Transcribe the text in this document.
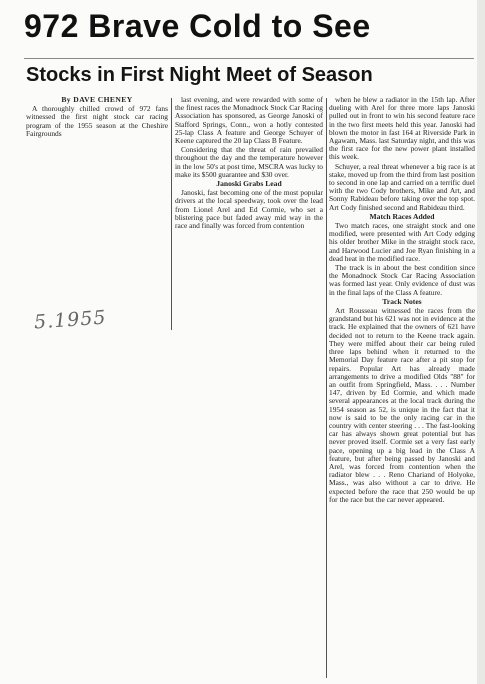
972 Brave Cold to See
Stocks in First Night Meet of Season

By DAVE CHENEY

A thoroughly chilled crowd of 972 fans witnessed the first night stock car racing program of the 1955 season at the Cheshire Fairgrounds

last evening, and were rewarded with some of the finest races the Monadnock Stock Car Racing Association has sponsored, as George Janoski of Stafford Springs, Conn., won a hotly contested 25-lap Class A feature and George Schuyer of Keene captured the 20 lap Class B Feature.

Considering that the threat of rain prevailed throughout the day and the temperature however in the low 50's at post time, MSCRA was lucky to make its $500 guarantee and $30 over.

Janoski Grabs Lead

Janoski, fast becoming one of the most popular drivers at the local speedway, took over the lead from Lionel Arel and Ed Cormie, who set a blistering pace but faded away mid way in the race and finally was forced from contention

when he blew a radiator in the 15th lap. After dueling with Arel for three more laps Janoski pulled out in front to win his second feature race in the two first meets held this year. Janoski had blown the motor in fast 164 at Riverside Park in Agawam, Mass. last Saturday night, and this was the first race for the new power plant installed this week.

Schuyer, a real threat whenever a big race is at stake, moved up from the third from last position to second in one lap and carried on a terrific duel with the two Cody brothers, Mike and Art, and Sonny Rabideau before taking over the top spot. Art Cody finished second and Rabideau third.

Match Races Added

Two match races, one straight stock and one modified, were presented with Art Cody edging his older brother Mike in the straight stock race, and Harwood Lucier and Joe Ryan finishing in a dead heat in the modified race.

The track is in about the best condition since the Monadnock Stock Car Racing Association was formed last year. Only evidence of dust was in the final laps of the Class A feature.

Track Notes

Art Rousseau witnessed the races from the grandstand but his 621 was not in evidence at the track. He explained that the owners of 621 have decided not to return to the Keene track again. They were miffed about their car being ruled three laps behind when it returned to the Memorial Day feature race after a pit stop for repairs. Popular Art has already made arrangements to drive a modified Olds "88" for an outfit from Springfield, Mass. . . . Number 147, driven by Ed Cormie, and which made several appearances at the local track during the 1954 season as 52, is unique in the fact that it now is said to be the only racing car in the country with center steering . . . The fast-looking car has always shown great potential but has never proved itself. Cormie set a very fast early pace, opening up a big lead in the Class A feature, but after being passed by Janoski and Arel, was forced from contention when the radiator blew . . . Reno Chariand of Holyoke, Mass., was also without a car to drive. He expected before the race that 250 would be up for the race but the car never appeared.

5.1955
